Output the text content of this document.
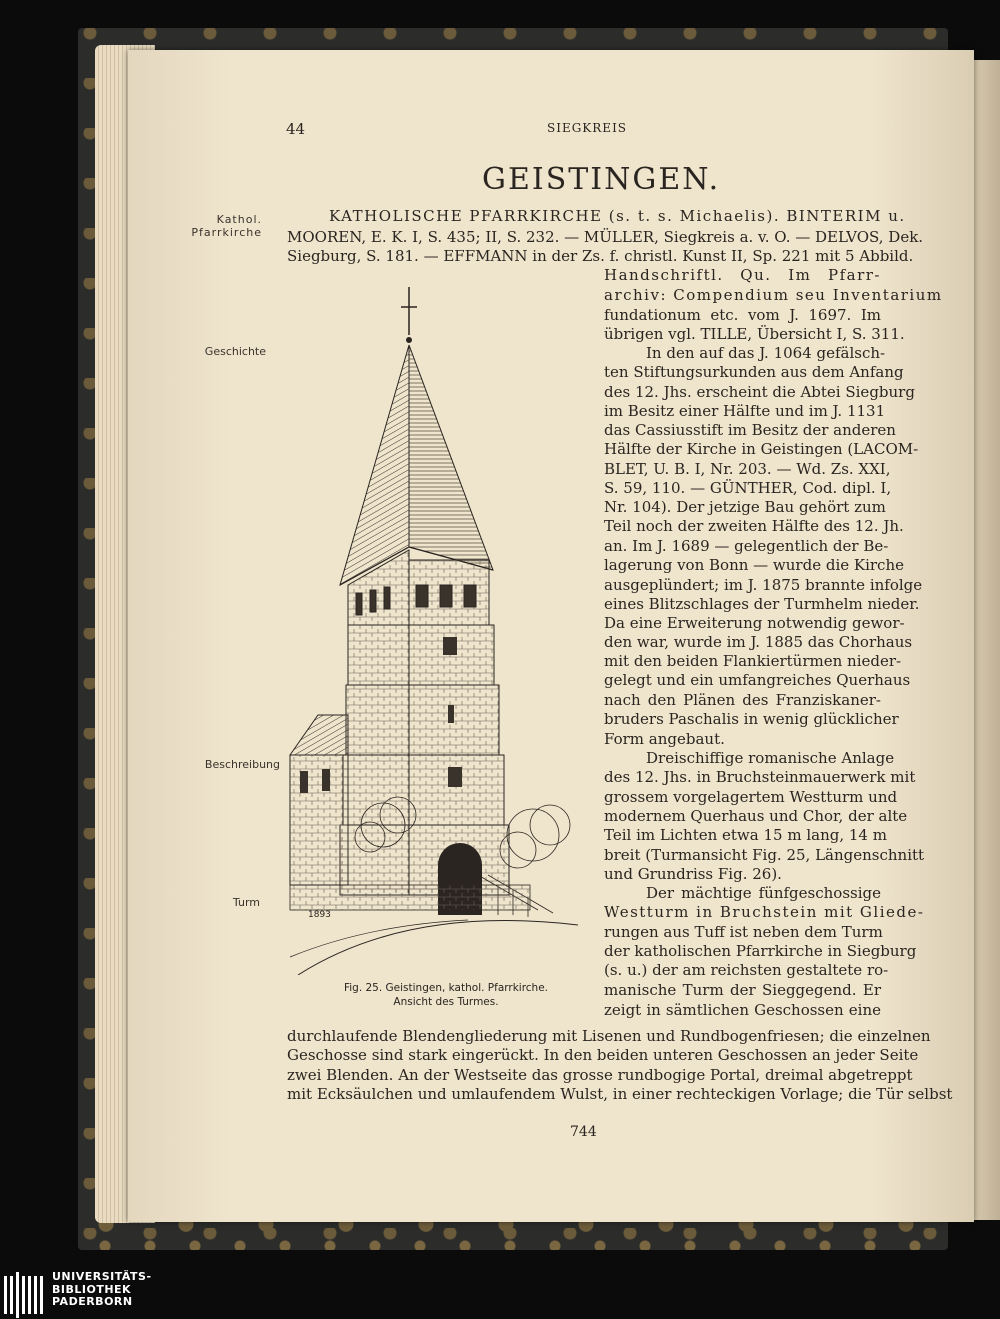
44	SIEGKREIS
GEISTINGEN.
Kathol.
Pfarrkirche
Geschichte
Beschreibung
Turm
KATHOLISCHE PFARRKIRCHE (s. t. s. Michaelis). BINTERIM u.
MOOREN, E. K. I, S. 435; II, S. 232. — MÜLLER, Siegkreis a. v. O. — DELVOS, Dek.
Siegburg, S. 181. — EFFMANN in der Zs. f. christl. Kunst II, Sp. 221 mit 5 Abbild.
Handschriftl. Qu. Im Pfarr-
archiv: Compendium seu Inventarium
fundationum etc. vom J. 1697. Im
übrigen vgl. TILLE, Übersicht I, S. 311.
In den auf das J. 1064 gefälsch-
ten Stiftungsurkunden aus dem Anfang
des 12. Jhs. erscheint die Abtei Siegburg
im Besitz einer Hälfte und im J. 1131
das Cassiusstift im Besitz der anderen
Hälfte der Kirche in Geistingen (LACOM-
BLET, U. B. I, Nr. 203. — Wd. Zs. XXI,
S. 59, 110. — GÜNTHER, Cod. dipl. I,
Nr. 104). Der jetzige Bau gehört zum
Teil noch der zweiten Hälfte des 12. Jh.
an. Im J. 1689 — gelegentlich der Be-
lagerung von Bonn — wurde die Kirche
ausgeplündert; im J. 1875 brannte infolge
eines Blitzschlages der Turmhelm nieder.
Da eine Erweiterung notwendig gewor-
den war, wurde im J. 1885 das Chorhaus
mit den beiden Flankiertürmen nieder-
gelegt und ein umfangreiches Querhaus
nach den Plänen des Franziskaner-
bruders Paschalis in wenig glücklicher
Form angebaut.
Dreischiffige romanische Anlage
des 12. Jhs. in Bruchsteinmauerwerk mit
grossem vorgelagertem Westturm und
modernem Querhaus und Chor, der alte
Teil im Lichten etwa 15 m lang, 14 m
breit (Turmansicht Fig. 25, Längenschnitt
und Grundriss Fig. 26).
Der mächtige fünfgeschossige
Westturm in Bruchstein mit Gliede-
rungen aus Tuff ist neben dem Turm
der katholischen Pfarrkirche in Siegburg
(s. u.) der am reichsten gestaltete ro-
manische Turm der Sieggegend. Er
zeigt in sämtlichen Geschossen eine
durchlaufende Blendengliederung mit Lisenen und Rundbogenfriesen; die einzelnen
Geschosse sind stark eingerückt. In den beiden unteren Geschossen an jeder Seite
zwei Blenden. An der Westseite das grosse rundbogige Portal, dreimal abgetreppt
mit Ecksäulchen und umlaufendem Wulst, in einer rechteckigen Vorlage; die Tür selbst
1893
Fig. 25. Geistingen, kathol. Pfarrkirche.
Ansicht des Turmes.
744
UNIVERSITÄTS-
BIBLIOTHEK
PADERBORN
